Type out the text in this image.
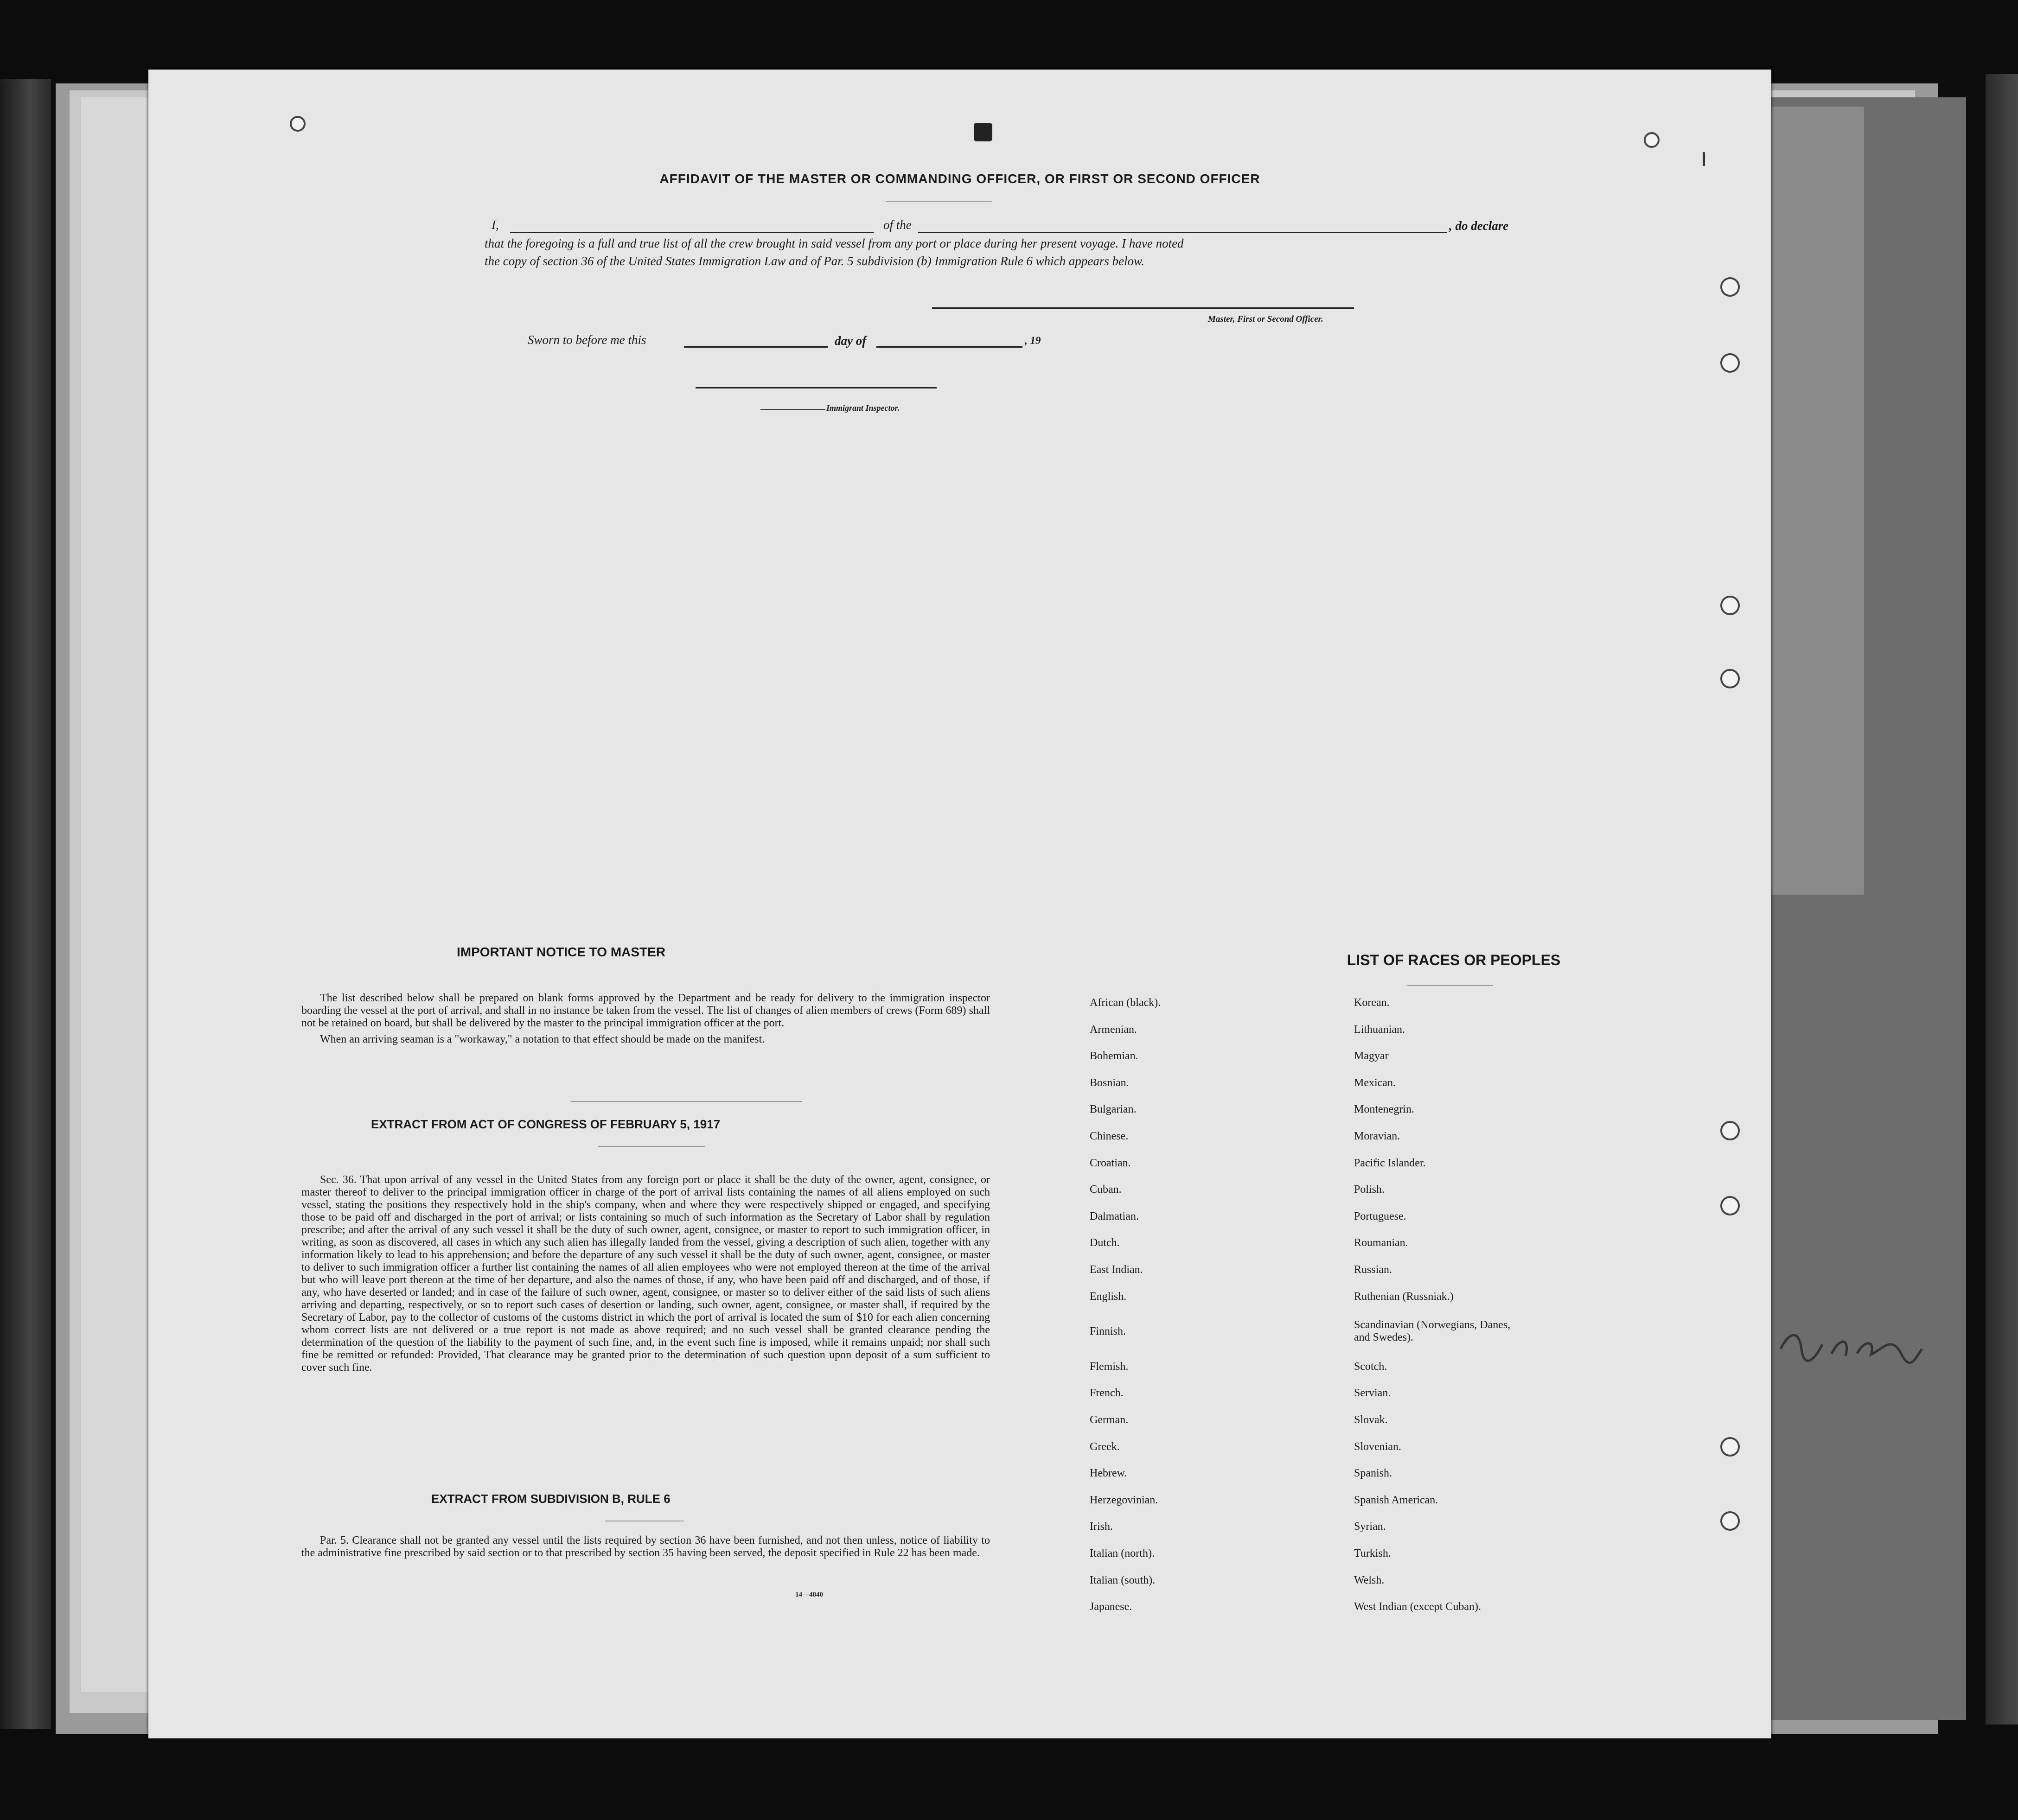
AFFIDAVIT OF THE MASTER OR COMMANDING OFFICER, OR FIRST OR SECOND OFFICER
I,	of the	, do declare
that the foregoing is a full and true list of all the crew brought in said vessel from any port or place during her present voyage. I have noted
the copy of section 36 of the United States Immigration Law and of Par. 5 subdivision (b) Immigration Rule 6 which appears below.
Master, First or Second Officer.
Sworn to before me this	day of	, 19
Immigrant Inspector.
IMPORTANT NOTICE TO MASTER

The list described below shall be prepared on blank forms approved by the Department and be ready for delivery to the immigration inspector boarding the vessel at the port of arrival, and shall in no instance be taken from the vessel. The list of changes of alien members of crews (Form 689) shall not be retained on board, but shall be delivered by the master to the principal immigration officer at the port.

When an arriving seaman is a "workaway," a notation to that effect should be made on the manifest.

EXTRACT FROM ACT OF CONGRESS OF FEBRUARY 5, 1917

Sec. 36. That upon arrival of any vessel in the United States from any foreign port or place it shall be the duty of the owner, agent, consignee, or master thereof to deliver to the principal immigration officer in charge of the port of arrival lists containing the names of all aliens employed on such vessel, stating the positions they respectively hold in the ship's company, when and where they were respectively shipped or engaged, and specifying those to be paid off and discharged in the port of arrival; or lists containing so much of such information as the Secretary of Labor shall by regulation prescribe; and after the arrival of any such vessel it shall be the duty of such owner, agent, consignee, or master to report to such immigration officer, in writing, as soon as discovered, all cases in which any such alien has illegally landed from the vessel, giving a description of such alien, together with any information likely to lead to his apprehension; and before the departure of any such vessel it shall be the duty of such owner, agent, consignee, or master to deliver to such immigration officer a further list containing the names of all alien employees who were not employed thereon at the time of the arrival but who will leave port thereon at the time of her departure, and also the names of those, if any, who have been paid off and discharged, and of those, if any, who have deserted or landed; and in case of the failure of such owner, agent, consignee, or master so to deliver either of the said lists of such aliens arriving and departing, respectively, or so to report such cases of desertion or landing, such owner, agent, consignee, or master shall, if required by the Secretary of Labor, pay to the collector of customs of the customs district in which the port of arrival is located the sum of $10 for each alien concerning whom correct lists are not delivered or a true report is not made as above required; and no such vessel shall be granted clearance pending the determination of the question of the liability to the payment of such fine, and, in the event such fine is imposed, while it remains unpaid; nor shall such fine be remitted or refunded: Provided, That clearance may be granted prior to the determination of such question upon deposit of a sum sufficient to cover such fine.

EXTRACT FROM SUBDIVISION B, RULE 6

Par. 5. Clearance shall not be granted any vessel until the lists required by section 36 have been furnished, and not then unless, notice of liability to the administrative fine prescribed by said section or to that prescribed by section 35 having been served, the deposit specified in Rule 22 has been made.

14—4840
LIST OF RACES OR PEOPLES
African (black).
Armenian.
Bohemian.
Bosnian.
Bulgarian.
Chinese.
Croatian.
Cuban.
Dalmatian.
Dutch.
East Indian.
English.
Finnish.
Flemish.
French.
German.
Greek.
Hebrew.
Herzegovinian.
Irish.
Italian (north).
Italian (south).
Japanese.
Korean.
Lithuanian.
Magyar
Mexican.
Montenegrin.
Moravian.
Pacific Islander.
Polish.
Portuguese.
Roumanian.
Russian.
Ruthenian (Russniak.)
Scandinavian (Norwegians, Danes, and Swedes).
Scotch.
Servian.
Slovak.
Slovenian.
Spanish.
Spanish American.
Syrian.
Turkish.
Welsh.
West Indian (except Cuban).
